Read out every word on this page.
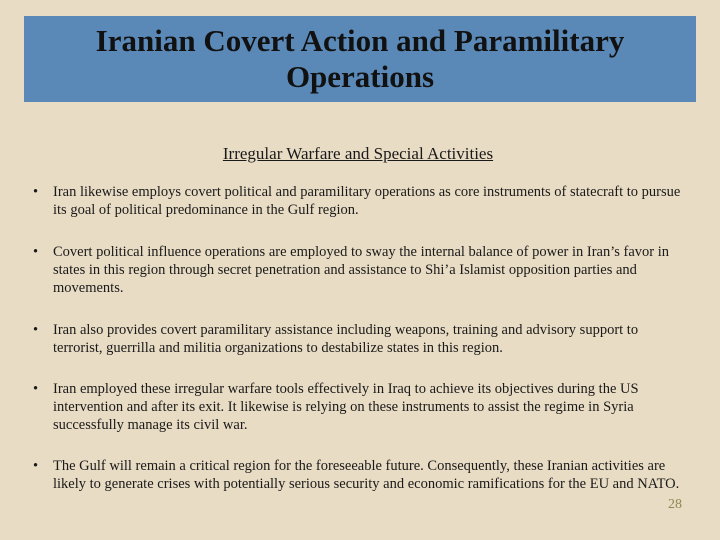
Iranian Covert Action and Paramilitary Operations
Irregular Warfare and Special Activities
• Iran likewise employs covert political and paramilitary operations as core instruments of statecraft to pursue its goal of political predominance in the Gulf region.
• Covert political influence operations are employed to sway the internal balance of power in Iran’s favor in states in this region through secret penetration and assistance to Shi’a Islamist opposition parties and movements.
• Iran also provides covert paramilitary assistance including weapons, training and advisory support to terrorist, guerrilla and militia organizations to destabilize states in this region.
• Iran employed these irregular warfare tools effectively in Iraq to achieve its objectives during the US intervention and after its exit. It likewise is relying on these instruments to assist the regime in Syria successfully manage its civil war.
• The Gulf will remain a critical region for the foreseeable future. Consequently, these Iranian activities are likely to generate crises with potentially serious security and economic ramifications for the EU and NATO.
28
